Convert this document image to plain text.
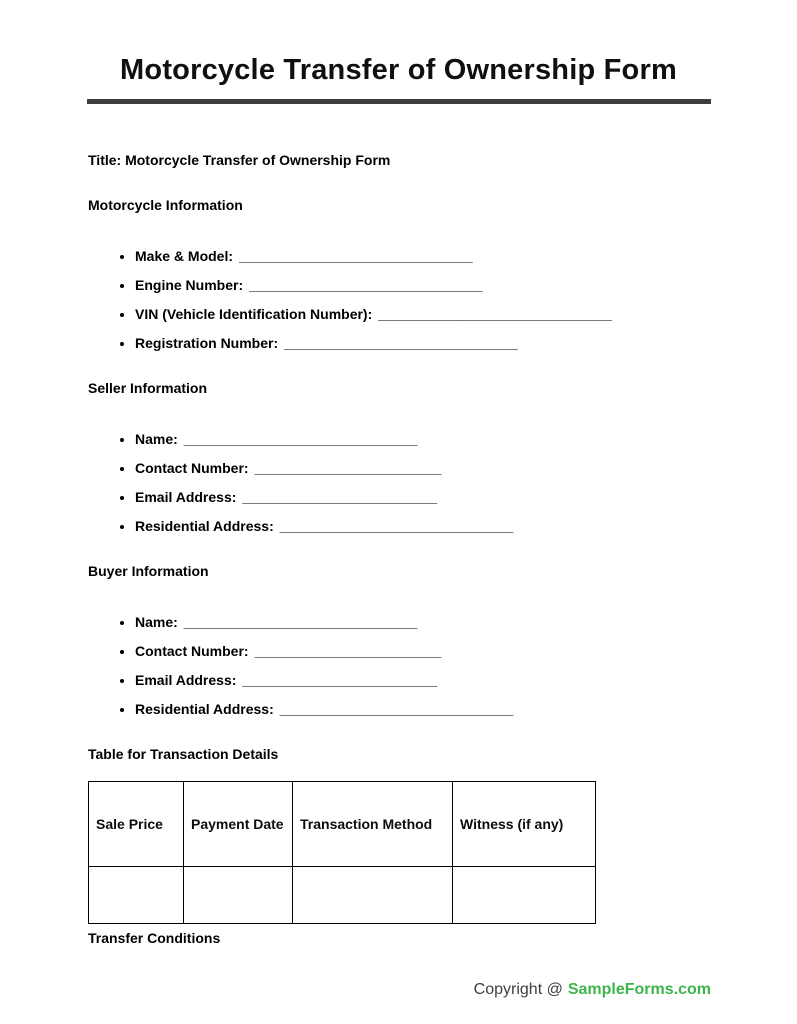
Motorcycle Transfer of Ownership Form

Title: Motorcycle Transfer of Ownership Form

Motorcycle Information

• Make & Model: ______________________________
• Engine Number: ______________________________
• VIN (Vehicle Identification Number): ______________________________
• Registration Number: ______________________________

Seller Information

• Name: ______________________________
• Contact Number: ________________________
• Email Address: _________________________
• Residential Address: ______________________________

Buyer Information

• Name: ______________________________
• Contact Number: ________________________
• Email Address: _________________________
• Residential Address: ______________________________

Table for Transaction Details

Sale Price	Payment Date	Transaction Method	Witness (if any)

Transfer Conditions

Copyright @ SampleForms.com
